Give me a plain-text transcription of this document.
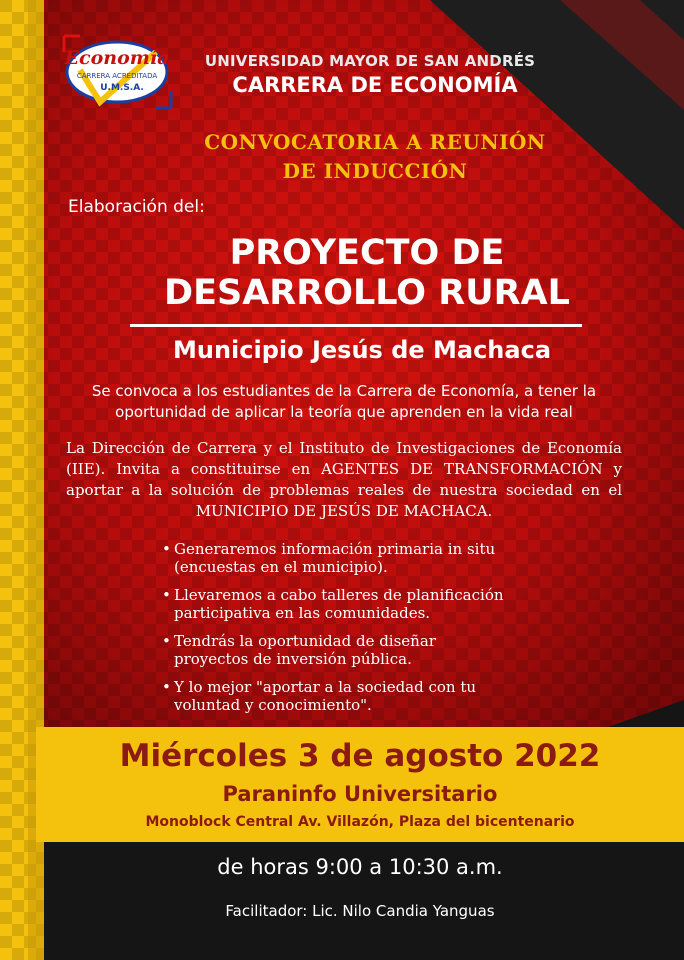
Economía
CARRERA ACREDITADA
U.M.S.A.
UNIVERSIDAD MAYOR DE SAN ANDRÉS
CARRERA DE ECONOMÍA
CONVOCATORIA A REUNIÓN
DE INDUCCIÓN
Elaboración del:
PROYECTO DE
DESARROLLO RURAL
Municipio Jesús de Machaca
Se convoca a los estudiantes de la Carrera de Economía, a tener la oportunidad de aplicar la teoría que aprenden en la vida real
La Dirección de Carrera y el Instituto de Investigaciones de Economía (IIE). Invita a constituirse en AGENTES DE TRANSFORMACIÓN y aportar a la solución de problemas reales de nuestra sociedad en el MUNICIPIO DE JESÚS DE MACHACA.
• Generaremos información primaria in situ
(encuestas en el municipio).
• Llevaremos a cabo talleres de planificación
participativa en las comunidades.
• Tendrás la oportunidad de diseñar
proyectos de inversión pública.
• Y lo mejor "aportar a la sociedad con tu
voluntad y conocimiento".
Miércoles 3 de agosto 2022
Paraninfo Universitario
Monoblock Central Av. Villazón, Plaza del bicentenario
de horas 9:00 a 10:30 a.m.
Facilitador: Lic. Nilo Candia Yanguas
